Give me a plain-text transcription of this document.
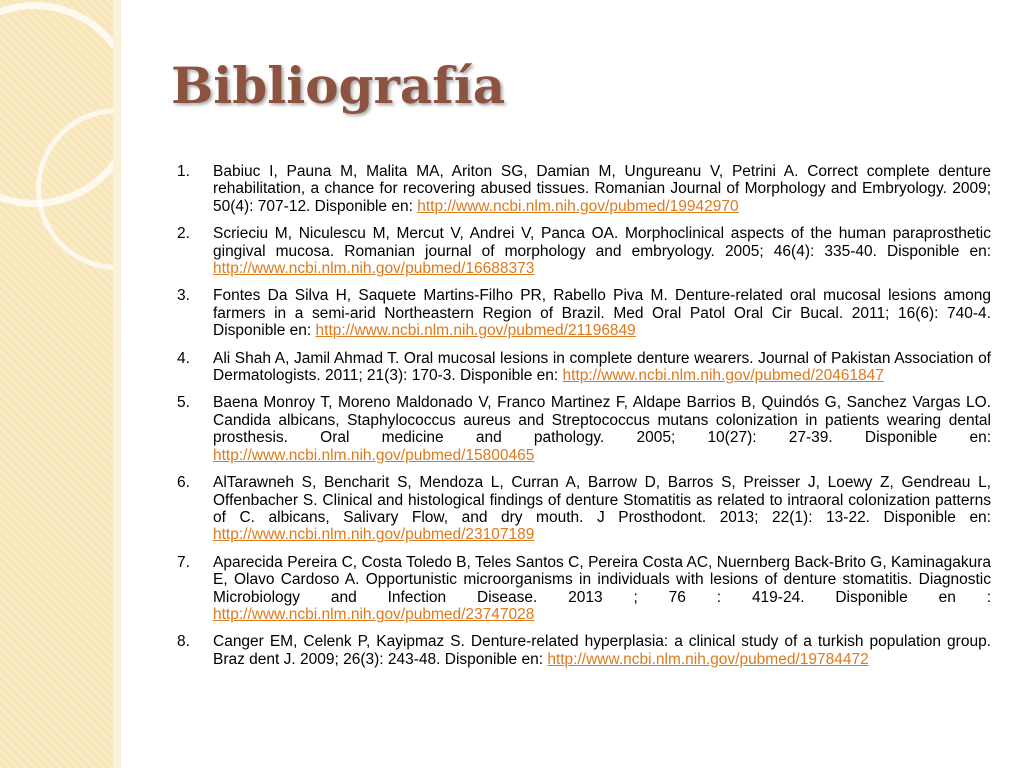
Bibliografía
1. Babiuc I, Pauna M, Malita MA, Ariton SG, Damian M, Ungureanu V, Petrini A. Correct complete denture rehabilitation, a chance for recovering abused tissues. Romanian Journal of Morphology and Embryology. 2009; 50(4): 707-12. Disponible en: http://www.ncbi.nlm.nih.gov/pubmed/19942970
2. Scrieciu M, Niculescu M, Mercut V, Andrei V, Panca OA. Morphoclinical aspects of the human paraprosthetic gingival mucosa. Romanian journal of morphology and embryology. 2005; 46(4): 335-40. Disponible en: http://www.ncbi.nlm.nih.gov/pubmed/16688373
3. Fontes Da Silva H, Saquete Martins-Filho PR, Rabello Piva M. Denture-related oral mucosal lesions among farmers in a semi-arid Northeastern Region of Brazil. Med Oral Patol Oral Cir Bucal. 2011; 16(6): 740-4. Disponible en: http://www.ncbi.nlm.nih.gov/pubmed/21196849
4. Ali Shah A, Jamil Ahmad T. Oral mucosal lesions in complete denture wearers. Journal of Pakistan Association of Dermatologists. 2011; 21(3): 170-3. Disponible en: http://www.ncbi.nlm.nih.gov/pubmed/20461847
5. Baena Monroy T, Moreno Maldonado V, Franco Martinez F, Aldape Barrios B, Quindós G, Sanchez Vargas LO. Candida albicans, Staphylococcus aureus and Streptococcus mutans colonization in patients wearing dental prosthesis. Oral medicine and pathology. 2005; 10(27): 27-39. Disponible en: http://www.ncbi.nlm.nih.gov/pubmed/15800465
6. AlTarawneh S, Bencharit S, Mendoza L, Curran A, Barrow D, Barros S, Preisser J, Loewy Z, Gendreau L, Offenbacher S. Clinical and histological findings of denture Stomatitis as related to intraoral colonization patterns of C. albicans, Salivary Flow, and dry mouth. J Prosthodont. 2013; 22(1): 13-22. Disponible en: http://www.ncbi.nlm.nih.gov/pubmed/23107189
7. Aparecida Pereira C, Costa Toledo B, Teles Santos C, Pereira Costa AC, Nuernberg Back-Brito G, Kaminagakura E, Olavo Cardoso A. Opportunistic microorganisms in individuals with lesions of denture stomatitis. Diagnostic Microbiology and Infection Disease. 2013 ; 76 : 419-24. Disponible en : http://www.ncbi.nlm.nih.gov/pubmed/23747028
8. Canger EM, Celenk P, Kayipmaz S. Denture-related hyperplasia: a clinical study of a turkish population group. Braz dent J. 2009; 26(3): 243-48. Disponible en: http://www.ncbi.nlm.nih.gov/pubmed/19784472
